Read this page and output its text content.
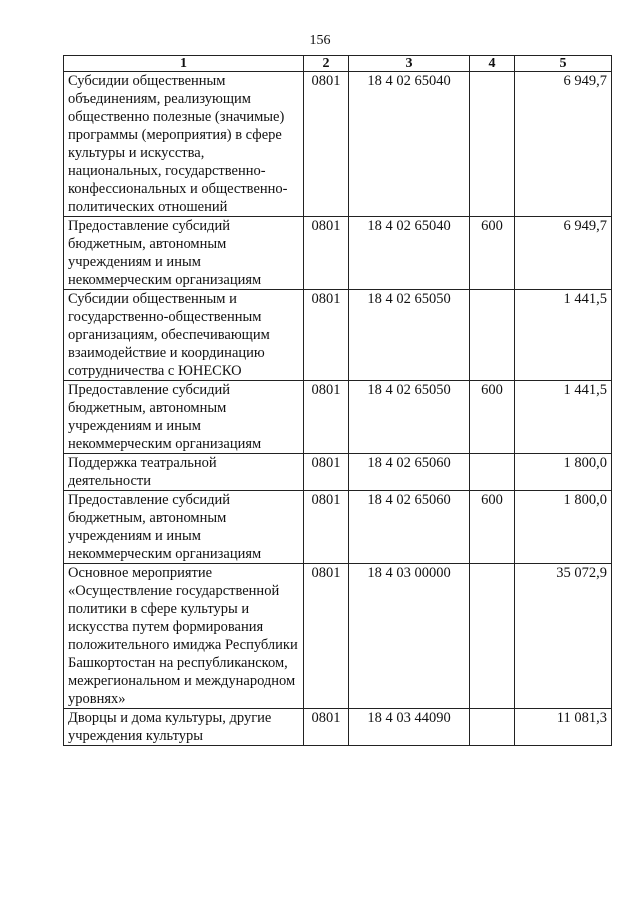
156
1	2	3	4	5
Субсидии общественным объединениям, реализующим общественно полезные (значимые) программы (мероприятия) в сфере культуры и искусства, национальных, государственно-конфессиональных и общественно-политических отношений	0801	18 4 02 65040		6 949,7
Предоставление субсидий бюджетным, автономным учреждениям и иным некоммерческим организациям	0801	18 4 02 65040	600	6 949,7
Субсидии общественным и государственно-общественным организациям, обеспечивающим взаимодействие и координацию сотрудничества с ЮНЕСКО	0801	18 4 02 65050		1 441,5
Предоставление субсидий бюджетным, автономным учреждениям и иным некоммерческим организациям	0801	18 4 02 65050	600	1 441,5
Поддержка театральной деятельности	0801	18 4 02 65060		1 800,0
Предоставление субсидий бюджетным, автономным учреждениям и иным некоммерческим организациям	0801	18 4 02 65060	600	1 800,0
Основное мероприятие «Осуществление государственной политики в сфере культуры и искусства путем формирования положительного имиджа Республики Башкортостан на республиканском, межрегиональном и международном уровнях»	0801	18 4 03 00000		35 072,9
Дворцы и дома культуры, другие учреждения культуры	0801	18 4 03 44090		11 081,3
